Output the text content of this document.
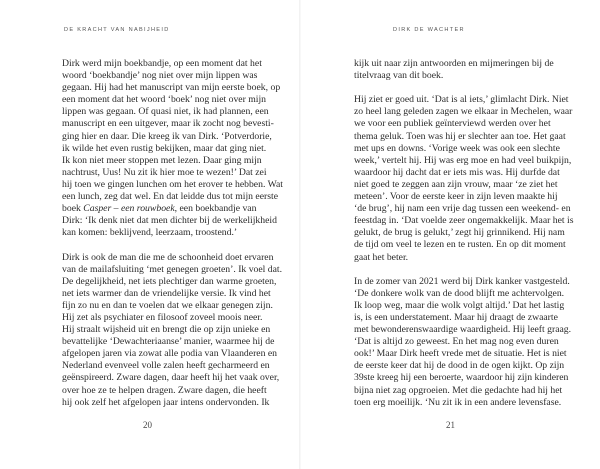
DE KRACHT VAN NABIJHEID

Dirk werd mijn boekbandje, op een moment dat het
woord ‘boekbandje’ nog niet over mijn lippen was
gegaan. Hij had het manuscript van mijn eerste boek, op
een moment dat het woord ‘boek’ nog niet over mijn
lippen was gegaan. Of quasi niet, ik had plannen, een
manuscript en een uitgever, maar ik zocht nog bevesti-
ging hier en daar. Die kreeg ik van Dirk. ‘Potverdorie,
ik wilde het even rustig bekijken, maar dat ging niet.
Ik kon niet meer stoppen met lezen. Daar ging mijn
nachtrust, Uus! Nu zit ik hier moe te wezen!’ Dat zei
hij toen we gingen lunchen om het erover te hebben. Wat
een lunch, zeg dat wel. En dat leidde dus tot mijn eerste
boek Casper – een rouwboek, een boekbandje van
Dirk: ‘Ik denk niet dat men dichter bij de werkelijkheid
kan komen: beklijvend, leerzaam, troostend.’

Dirk is ook de man die me de schoonheid doet ervaren
van de mailafsluiting ‘met genegen groeten’. Ik voel dat.
De degelijkheid, net iets plechtiger dan warme groeten,
net iets warmer dan de vriendelijke versie. Ik vind het
fijn zo nu en dan te voelen dat we elkaar genegen zijn.
Hij zet als psychiater en filosoof zoveel moois neer.
Hij straalt wijsheid uit en brengt die op zijn unieke en
bevattelijke ‘Dewachteriaanse’ manier, waarmee hij de
afgelopen jaren via zowat alle podia van Vlaanderen en
Nederland evenveel volle zalen heeft gecharmeerd en
geënspireerd. Zware dagen, daar heeft hij het vaak over,
over hoe ze te helpen dragen. Zware dagen, die heeft
hij ook zelf het afgelopen jaar intens ondervonden. Ik

20
DIRK DE WACHTER

kijk uit naar zijn antwoorden en mijmeringen bij de
titelvraag van dit boek.

Hij ziet er goed uit. ‘Dat is al iets,’ glimlacht Dirk. Niet
zo heel lang geleden zagen we elkaar in Mechelen, waar
we voor een publiek geïnterviewd werden over het
thema geluk. Toen was hij er slechter aan toe. Het gaat
met ups en downs. ‘Vorige week was ook een slechte
week,’ vertelt hij. Hij was erg moe en had veel buikpijn,
waardoor hij dacht dat er iets mis was. Hij durfde dat
niet goed te zeggen aan zijn vrouw, maar ‘ze ziet het
meteen’. Voor de eerste keer in zijn leven maakte hij
‘de brug’, hij nam een vrije dag tussen een weekend- en
feestdag in. ‘Dat voelde zeer ongemakkelijk. Maar het is
gelukt, de brug is gelukt,’ zegt hij grinnikend. Hij nam
de tijd om veel te lezen en te rusten. En op dit moment
gaat het beter.

In de zomer van 2021 werd bij Dirk kanker vastgesteld.
‘De donkere wolk van de dood blijft me achtervolgen.
Ik loop weg, maar die wolk volgt altijd.’ Dat het lastig
is, is een understatement. Maar hij draagt de zwaarte
met bewonderenswaardige waardigheid. Hij leeft graag.
‘Dat is altijd zo geweest. En het mag nog even duren
ook!’ Maar Dirk heeft vrede met de situatie. Het is niet
de eerste keer dat hij de dood in de ogen kijkt. Op zijn
39ste kreeg hij een beroerte, waardoor hij zijn kinderen
bijna niet zag opgroeien. Met die gedachte had hij het
toen erg moeilijk. ‘Nu zit ik in een andere levensfase.

21
